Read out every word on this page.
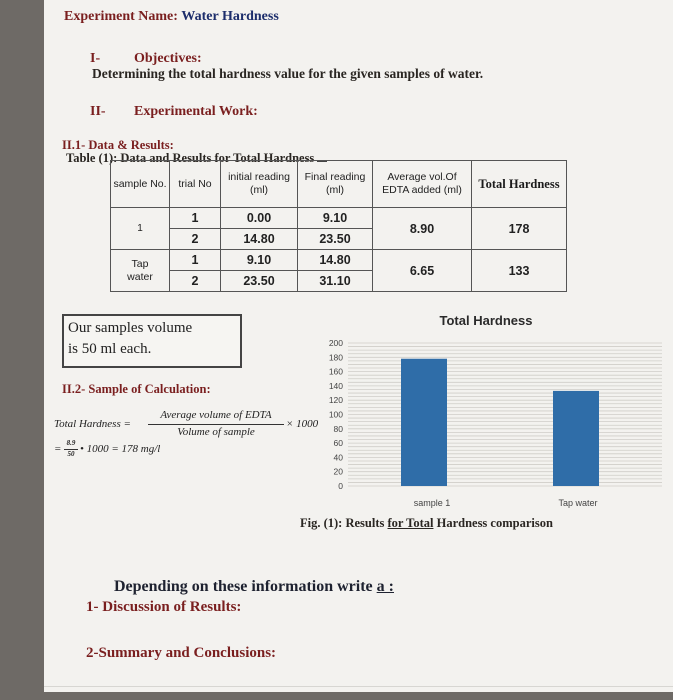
Experiment Name: Water Hardness
I- Objectives:
Determining the total hardness value for the given samples of water.
II- Experimental Work:
II.1- Data & Results:
Table (1): Data and Results for Total Hardness
sample No.	trial No	initial reading (ml)	Final reading (ml)	Average vol.Of EDTA added (ml)	Total Hardness
1	1	0.00	9.10	8.90	178
	2	14.80	23.50		
Tap
water	1	9.10	14.80	6.65	133
	2	23.50	31.10		
Our samples volume
is 50 ml each.
II.2- Sample of Calculation:
Total Hardness =
Average volume of EDTA
Volume of sample
× 1000
= 8.9
50 • 1000 = 178 mg/l
0
20
40
60
80
100
120
140
160
180
200
sample 1	Tap water
Total Hardness
Fig. (1): Results for Total Hardness comparison
Depending on these information write a :
1- Discussion of Results:
2-Summary and Conclusions:
